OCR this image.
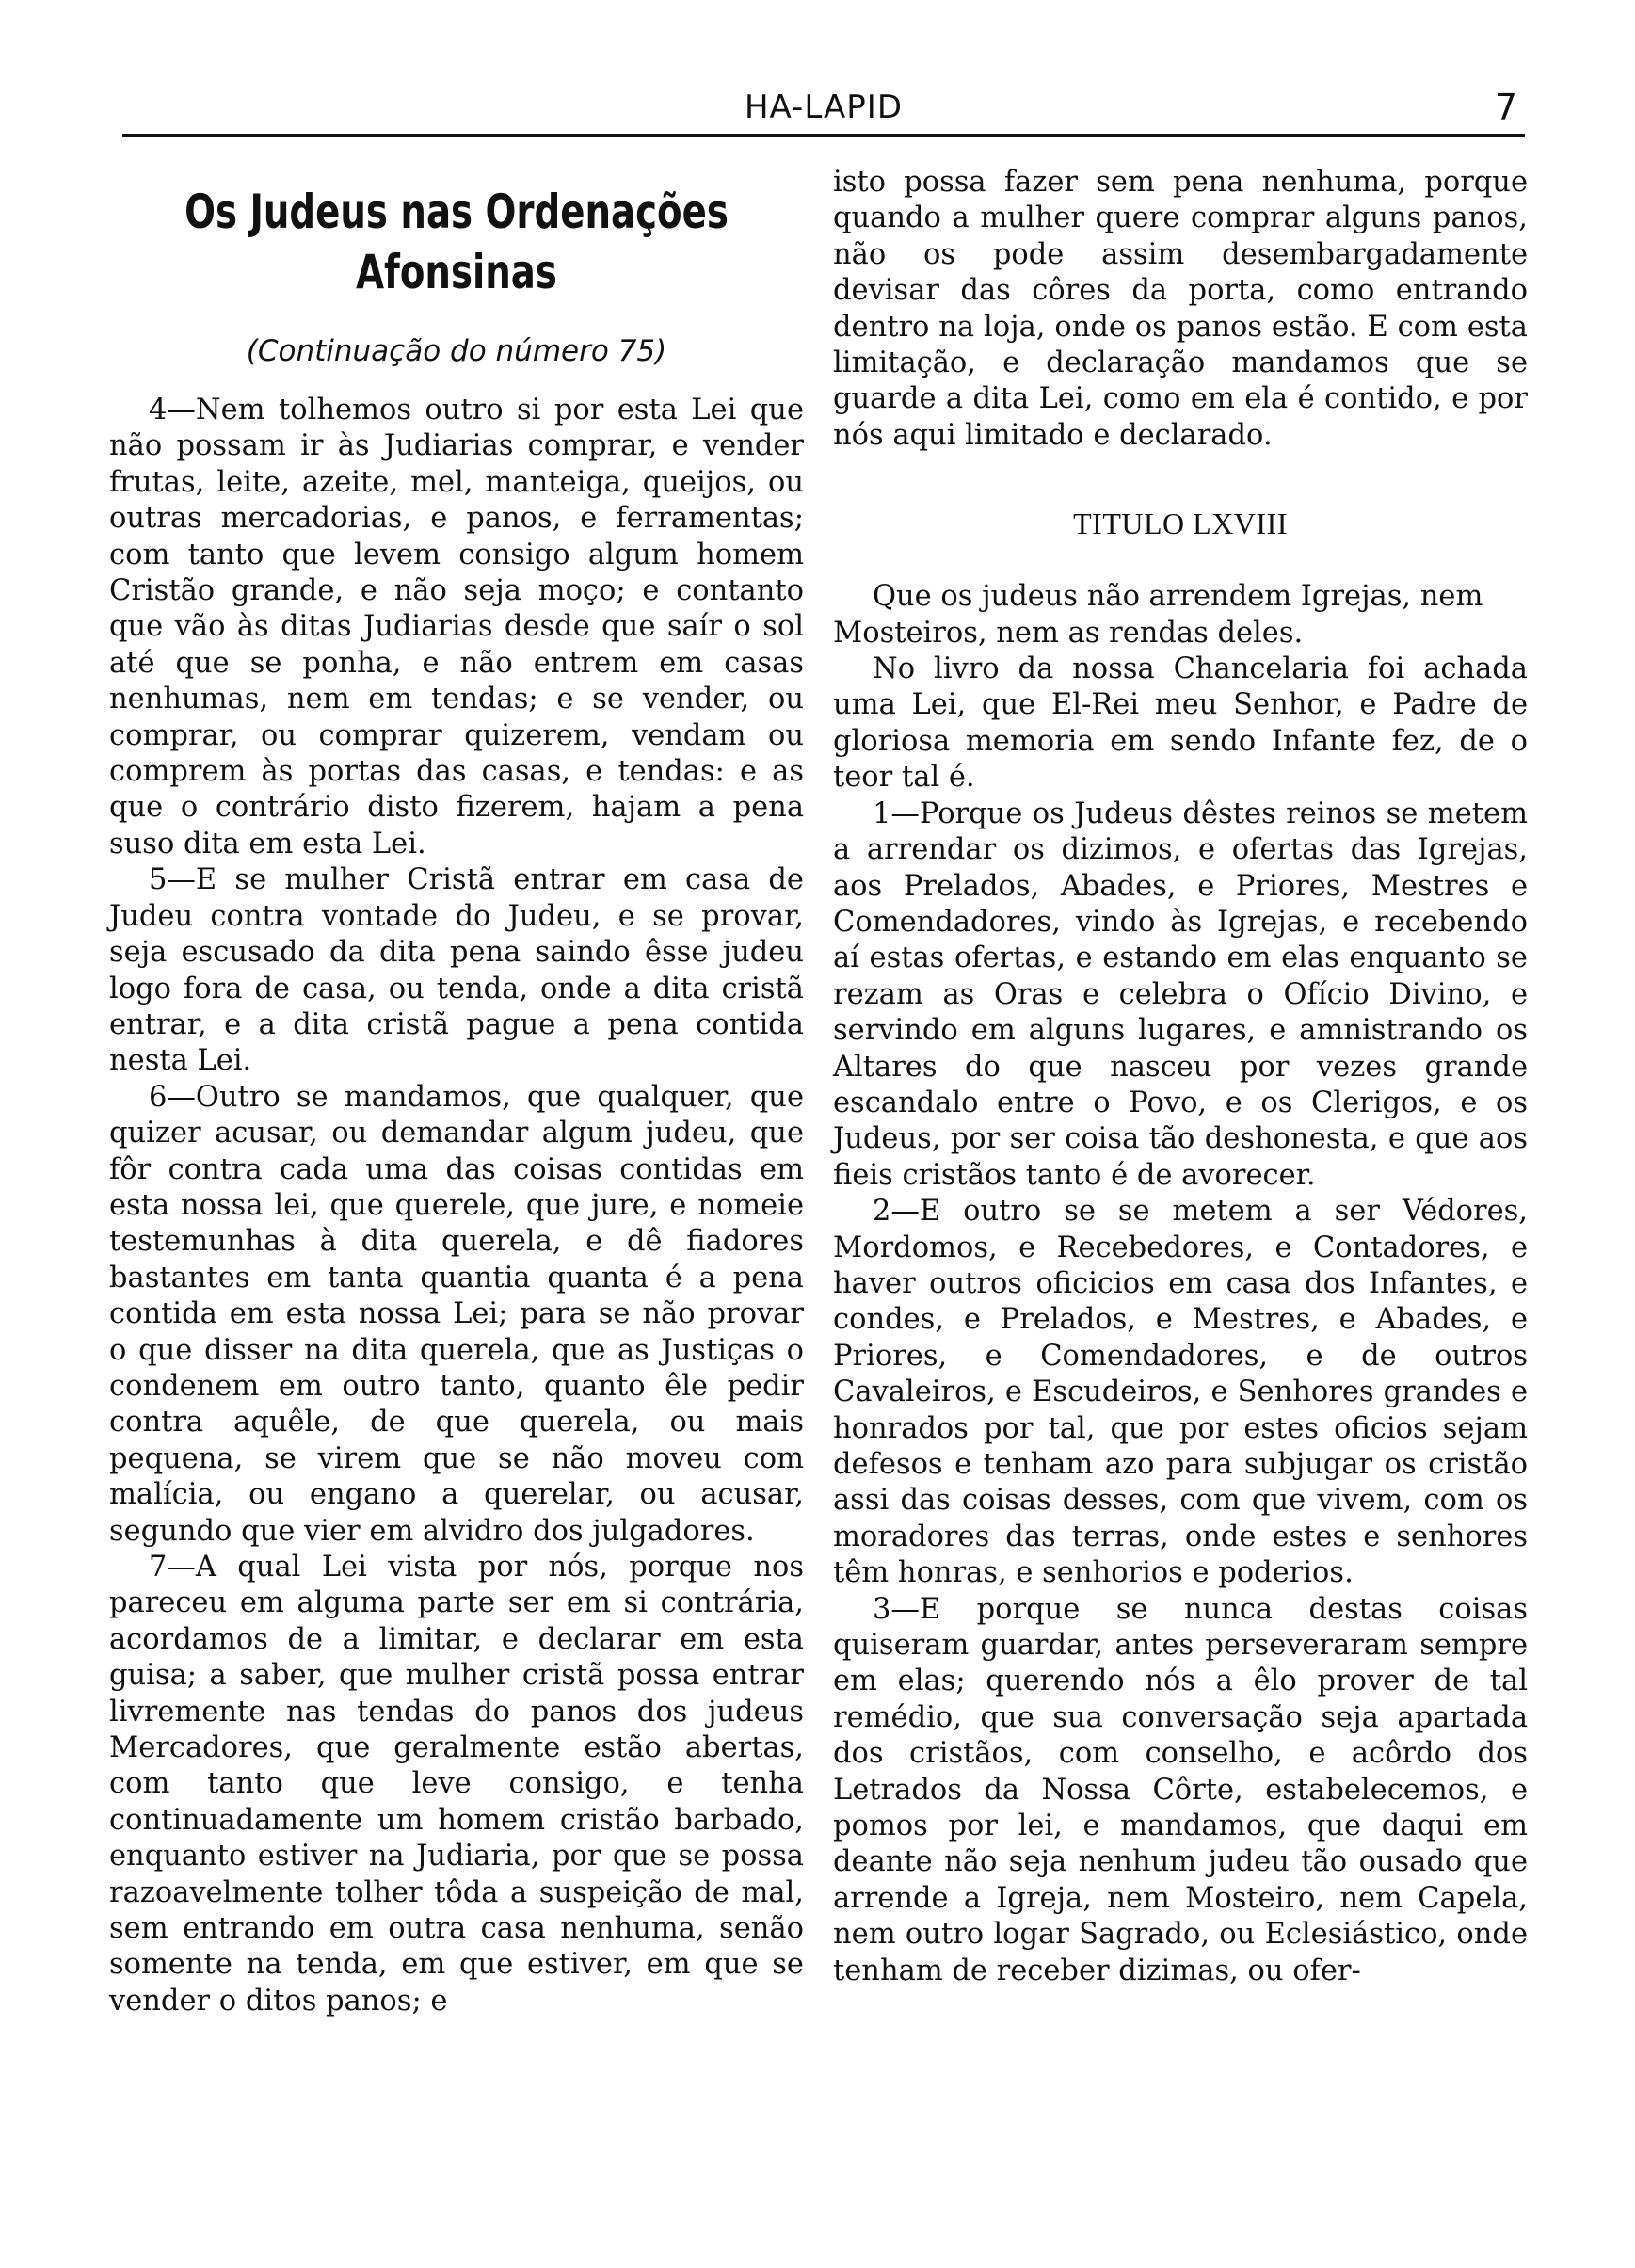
HA-LAPID	7
Os Judeus nas Ordenações
Afonsinas
(Continuação do número 75)

4—Nem tolhemos outro si por esta Lei que não possam ir às Judiarias comprar, e vender frutas, leite, azeite, mel, manteiga, queijos, ou outras mercadorias, e panos, e ferramentas; com tanto que levem consigo algum homem Cristão grande, e não seja moço; e contanto que vão às ditas Judiarias desde que saír o sol até que se ponha, e não entrem em casas nenhumas, nem em tendas; e se vender, ou comprar, ou comprar quizerem, vendam ou comprem às portas das casas, e tendas: e as que o contrário disto fizerem, hajam a pena suso dita em esta Lei.

5—E se mulher Cristã entrar em casa de Judeu contra vontade do Judeu, e se provar, seja escusado da dita pena saindo êsse judeu logo fora de casa, ou tenda, onde a dita cristã entrar, e a dita cristã pague a pena contida nesta Lei.

6—Outro se mandamos, que qualquer, que quizer acusar, ou demandar algum judeu, que fôr contra cada uma das coisas contidas em esta nossa lei, que querele, que jure, e nomeie testemunhas à dita querela, e dê fiadores bastantes em tanta quantia quanta é a pena contida em esta nossa Lei; para se não provar o que disser na dita querela, que as Justiças o condenem em outro tanto, quanto êle pedir contra aquêle, de que querela, ou mais pequena, se virem que se não moveu com malícia, ou engano a querelar, ou acusar, segundo que vier em alvidro dos julgadores.

7—A qual Lei vista por nós, porque nos pareceu em alguma parte ser em si contrária, acordamos de a limitar, e declarar em esta guisa; a saber, que mulher cristã possa entrar livremente nas tendas do panos dos judeus Mercadores, que geralmente estão abertas, com tanto que leve consigo, e tenha continuadamente um homem cristão barbado, enquanto estiver na Judiaria, por que se possa razoavelmente tolher tôda a suspeição de mal, sem entrando em outra casa nenhuma, senão somente na tenda, em que estiver, em que se vender o ditos panos; e

isto possa fazer sem pena nenhuma, porque quando a mulher quere comprar alguns panos, não os pode assim desembargadamente devisar das côres da porta, como entrando dentro na loja, onde os panos estão. E com esta limitação, e declaração mandamos que se guarde a dita Lei, como em ela é contido, e por nós aqui limitado e declarado.

TITULO LXVIII

Que os judeus não arrendem Igrejas, nem Mosteiros, nem as rendas deles.

No livro da nossa Chancelaria foi achada uma Lei, que El-Rei meu Senhor, e Padre de gloriosa memoria em sendo Infante fez, de o teor tal é.

1—Porque os Judeus dêstes reinos se metem a arrendar os dizimos, e ofertas das Igrejas, aos Prelados, Abades, e Priores, Mestres e Comendadores, vindo às Igrejas, e recebendo aí estas ofertas, e estando em elas enquanto se rezam as Oras e celebra o Ofício Divino, e servindo em alguns lugares, e amnistrando os Altares do que nasceu por vezes grande escandalo entre o Povo, e os Clerigos, e os Judeus, por ser coisa tão deshonesta, e que aos fieis cristãos tanto é de avorecer.

2—E outro se se metem a ser Védores, Mordomos, e Recebedores, e Contadores, e haver outros oficicios em casa dos Infantes, e condes, e Prelados, e Mestres, e Abades, e Priores, e Comendadores, e de outros Cavaleiros, e Escudeiros, e Senhores grandes e honrados por tal, que por estes oficios sejam defesos e tenham azo para subjugar os cristão assi das coisas desses, com que vivem, com os moradores das terras, onde estes e senhores têm honras, e senhorios e poderios.

3—E porque se nunca destas coisas quiseram guardar, antes perseveraram sempre em elas; querendo nós a êlo prover de tal remédio, que sua conversação seja apartada dos cristãos, com conselho, e acôrdo dos Letrados da Nossa Côrte, estabelecemos, e pomos por lei, e mandamos, que daqui em deante não seja nenhum judeu tão ousado que arrende a Igreja, nem Mosteiro, nem Capela, nem outro logar Sagrado, ou Eclesiástico, onde tenham de receber dizimas, ou ofer-
